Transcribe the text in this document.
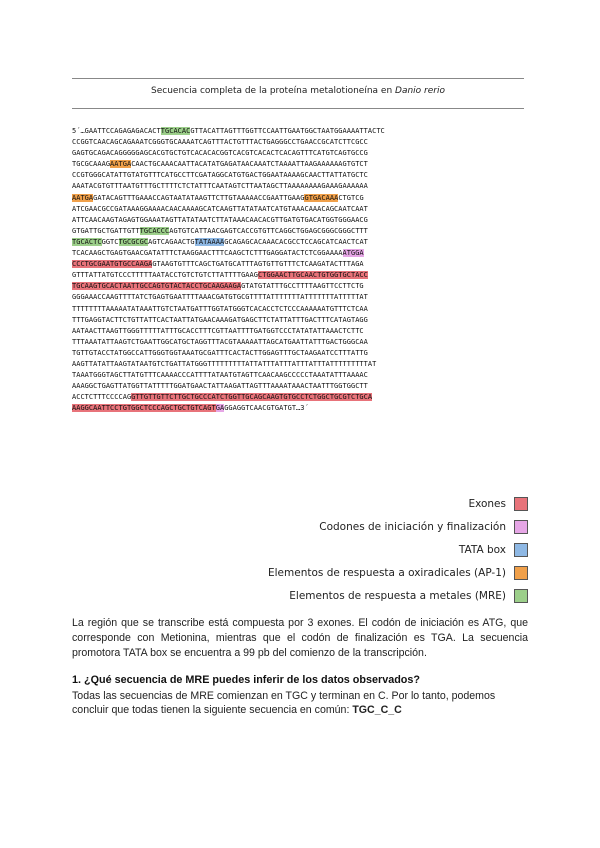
Secuencia completa de la proteína metalotioneína en Danio rerio
5´…GAATTCCAGAGAGACACTTGCACACGTTACATTAGTTTGGTTCCAATTGAATGGCTAATGGAAAATTACTC
CCGGTCAACAGCAGAAATCGGGTGCAAAATCAGTTTACTGTTTACTGAGGGCCTGAACCGCATCTTCGCC
GAGTGCAGACAGGGGGAGCACGTGCTGTCACACACGGTCACGTCACACTCACAGTTTCATGTCAGTGCCG
TGCGCAAAGAATGACAACTGCAAACAATTACATATGAGATAACAAATCTAAAATTAAGAAAAAAGTGTCT
CCGTGGGCATATTGTATGTTTCATGCCTTCGATAGGCATGTGACTGGAATAAAAGCAACTTATTATGCTC
AAATACGTGTTTAATGTTTGCTTTTCTCTATTTCAATAGTCTTAATAGCTTAAAAAAAAGAAAGAAAAAA
AATGAGATACAGTTTGAAACCAGTAATATAAGTTCTTGTAAAAACCGAATTGAAGGTGACAAACTGTCG
ATCGAACGCCGATAAAGGAAAACAACAAAAGCATCAAGTTATATAATCATGTAAACAAACAGCAATCAAT
ATTCAACAAGTAGAGTGGAAATAGTTATATAATCTTATAAACAACACGTTGATGTGACATGGTGGGAACG
GTGATTGCTGATTGTTTGCACCCAGTGTCATTAACGAGTCACCGTGTTCAGGCTGGAGCGGGCGGGCTTT
TGCACTCGGTCTGCGCGCAGTCAGAACTGTATAAAAGCAGAGCACAAACACGCCTCCAGCATCAACTCAT
TCACAAGCTGAGTGAACGATATTTCTAAGGAACTTTCAAGCTCTTTGAGGATACTCTCGGAAAAATGGA
CCCTGCGAATGTGCCAAGAGTAAGTGTTTCAGCTGATGCATTTAGTGTTGTTTCTCAAGATACTTTAGA
GTTTATTATGTCCCTTTTTAATACCTGTCTGTCTTATTTTGAAGCTGGAACTTGCAACTGTGGTGCTACC
TGCAAGTGCACTAATTGCCAGTGTACTACCTGCAAGAAGAGTATGTATTTGCCTTTTAAGTTCCTTCTG
GGGAAACCAAGTTTTATCTGAGTGAATTTTAAACGATGTGCGTTTTATTTTTTTATTTTTTTATTTTTAT
TTTTTTTTAAAAATATAAATTGTCTAATGATTTGGTATGGGTCACACCTCTCCCAAAAAATGTTTCTCAA
TTTGAGGTACTTCTGTTATTCACTAATTATGAACAAAGATGAGCTTCTATTATTTGACTTTCATAGTAGG
AATAACTTAAGTTGGGTTTTTATTTGCACCTTTCGTTAATTTTGATGGTCCCTATATATTAAACTCTTC
TTTAAATATTAAGTCTGAATTGGCATGCTAGGTTTACGTAAAAATTAGCATGAATTATTTGACTGGGCAA
TGTTGTACCTATGGCCATTGGGTGGTAAATGCGATTTCACTACTTGGAGTTTGCTAAGAATCCTTTATTG
AAGTTATATTAAGTATAATGTCTGATTATGGGTTTTTTTTTATTATTTATTTATTTATTTATTTTTTTTTAT
TAAATGGGTAGCTTATGTTTCAAAACCCATTTTATAATGTAGTTCAACAAGCCCCCTAAATATTTAAAAC
AAAGGCTGAGTTATGGTTATTTTTGGATGAACTATTAAGATTAGTTTAAAATAAACTAATTTGGTGGCTT
ACCTCTTTCCCCAGGTTGTTGTTCTTGCTGCCCATCTGGTTGCAGCAAGTGTGCCTCTGGCTGCGTCTGCA
AAGGCAATTCCTGTGGCTCCCAGCTGCTGTCAGTGAGGAGGTCAACGTGATGT…3´
Exones
Codones de iniciación y finalización
TATA box
Elementos de respuesta a oxiradicales (AP-1)
Elementos de respuesta a metales (MRE)
La región que se transcribe está compuesta por 3 exones. El codón de iniciación es ATG, que corresponde con Metionina, mientras que el codón de finalización es TGA. La secuencia promotora TATA box se encuentra a 99 pb del comienzo de la transcripción.
1. ¿Qué secuencia de MRE puedes inferir de los datos observados?
Todas las secuencias de MRE comienzan en TGC y terminan en C. Por lo tanto, podemos concluir que todas tienen la siguiente secuencia en común: TGC_C_C
